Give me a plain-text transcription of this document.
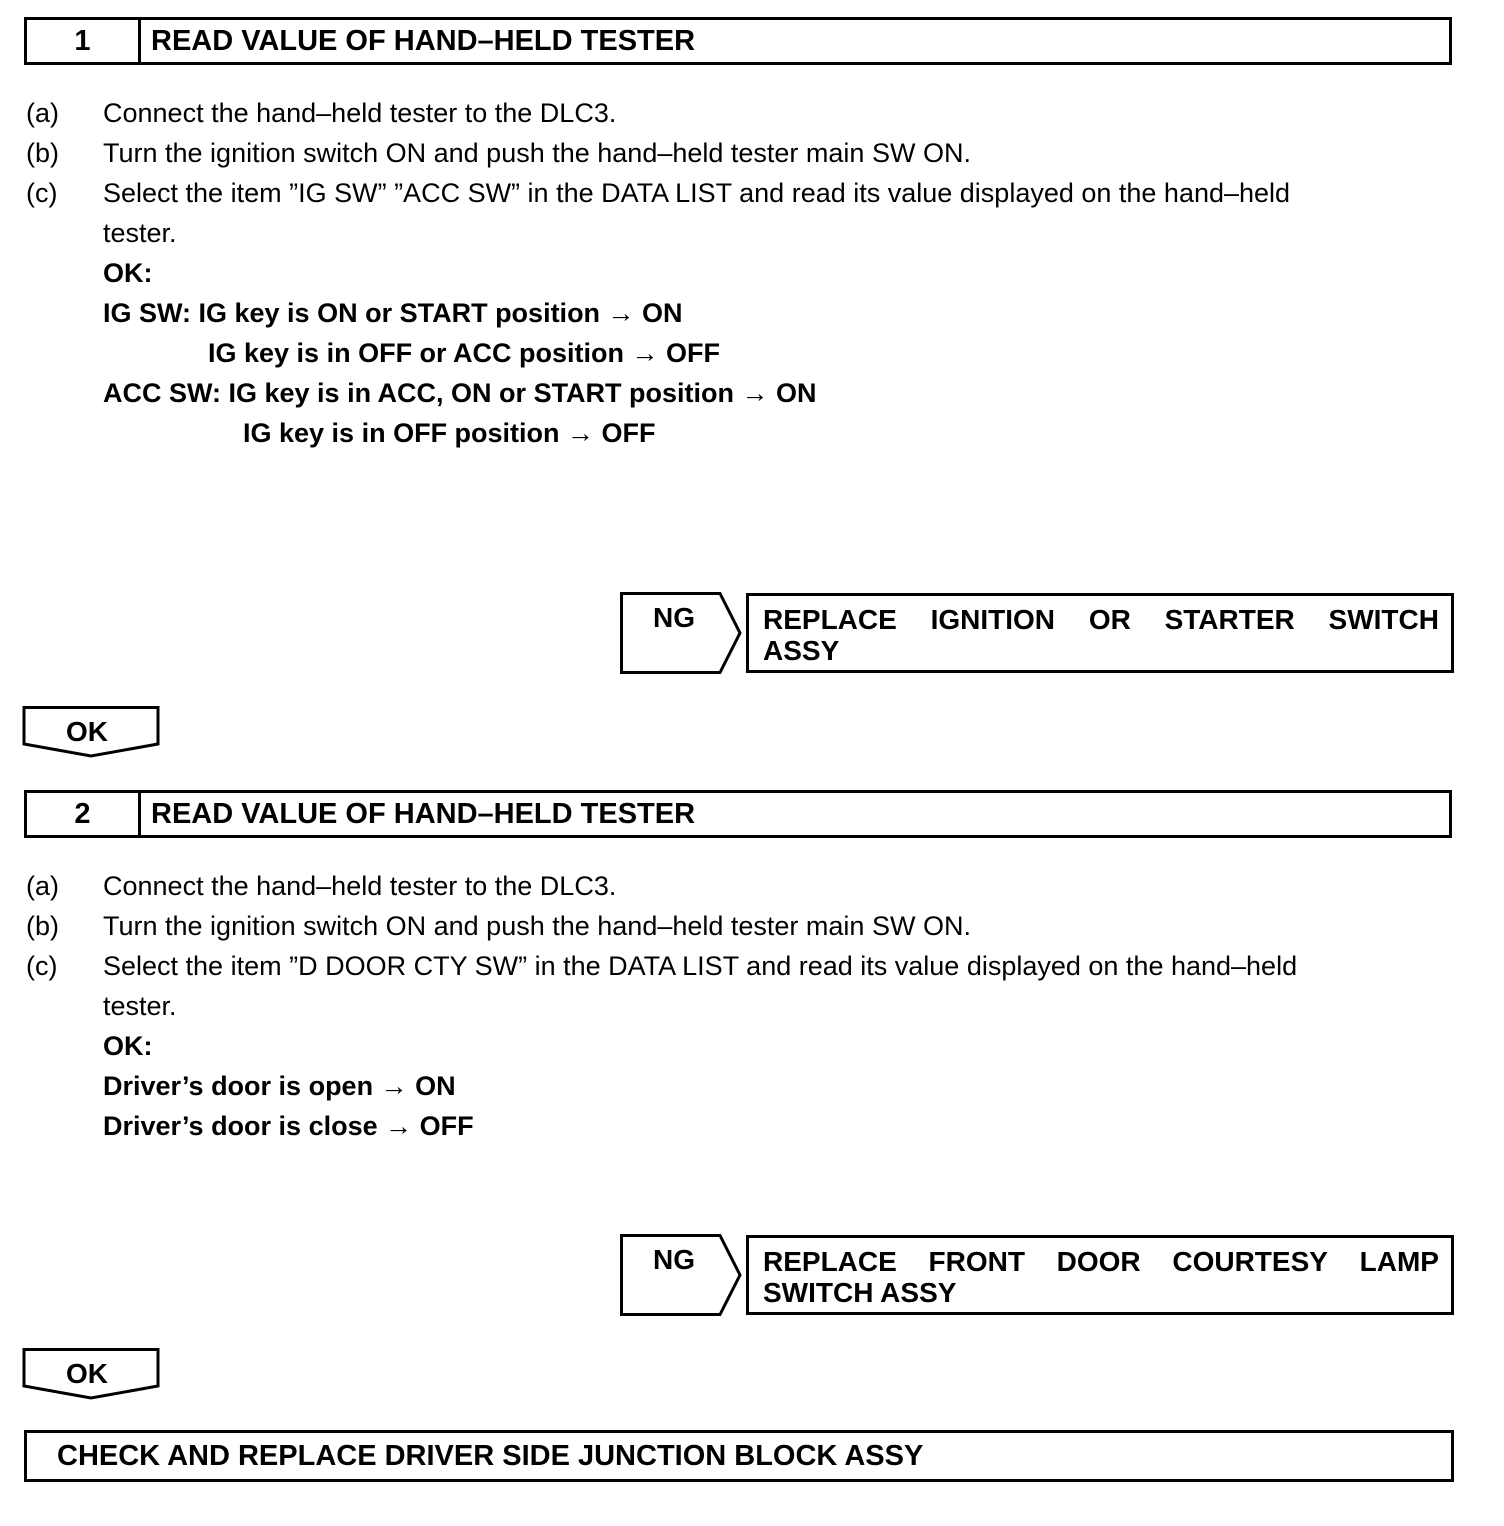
1	READ VALUE OF HAND–HELD TESTER
(a) Connect the hand–held tester to the DLC3.
(b) Turn the ignition switch ON and push the hand–held tester main SW ON.
(c) Select the item ”IG SW” ”ACC SW” in the DATA LIST and read its value displayed on the hand–held
tester.
OK:
IG SW: IG key is ON or START position → ON
IG key is in OFF or ACC position → OFF
ACC SW: IG key is in ACC, ON or START position → ON
IG key is in OFF position → OFF
NG REPLACE IGNITION OR STARTER SWITCH
ASSY
OK
2	READ VALUE OF HAND–HELD TESTER
(a) Connect the hand–held tester to the DLC3.
(b) Turn the ignition switch ON and push the hand–held tester main SW ON.
(c) Select the item ”D DOOR CTY SW” in the DATA LIST and read its value displayed on the hand–held
tester.
OK:
Driver’s door is open → ON
Driver’s door is close → OFF
NG REPLACE FRONT DOOR COURTESY LAMP
SWITCH ASSY
OK
CHECK AND REPLACE DRIVER SIDE JUNCTION BLOCK ASSY
